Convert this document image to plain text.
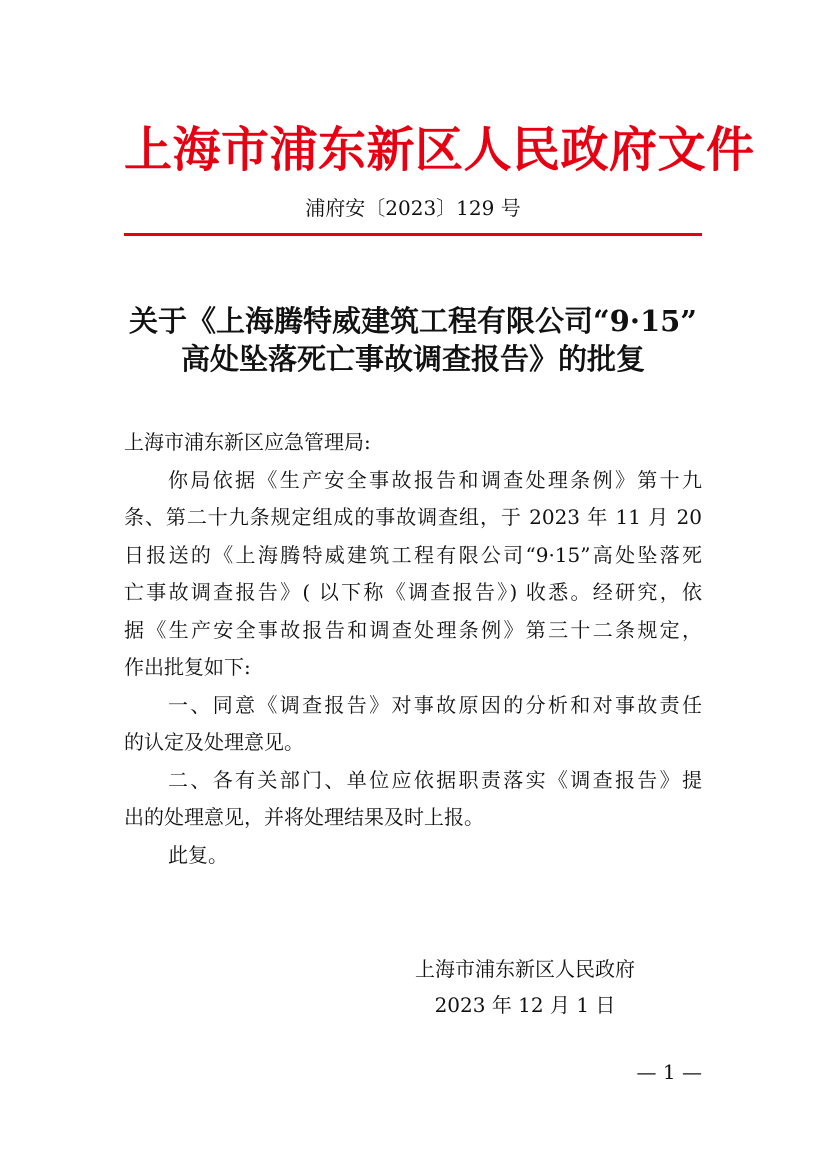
上海市浦东新区人民政府文件
浦府安〔2023〕129 号
关于《上海腾特威建筑工程有限公司“9·15”
高处坠落死亡事故调查报告》的批复

上海市浦东新区应急管理局:

你局依据《生产安全事故报告和调查处理条例》第十九

条、第二十九条规定组成的事故调查组，于 2023 年 11 月 20

日报送的《上海腾特威建筑工程有限公司“9·15”高处坠落死

亡事故调查报告》( 以下称《调查报告》) 收悉。经研究，依

据《生产安全事故报告和调查处理条例》第三十二条规定，

作出批复如下:

一、同意《调查报告》对事故原因的分析和对事故责任

的认定及处理意见。

二、各有关部门、单位应依据职责落实《调查报告》提

出的处理意见，并将处理结果及时上报。

此复。

上海市浦东新区人民政府
2023 年 12 月 1 日
— 1 —
